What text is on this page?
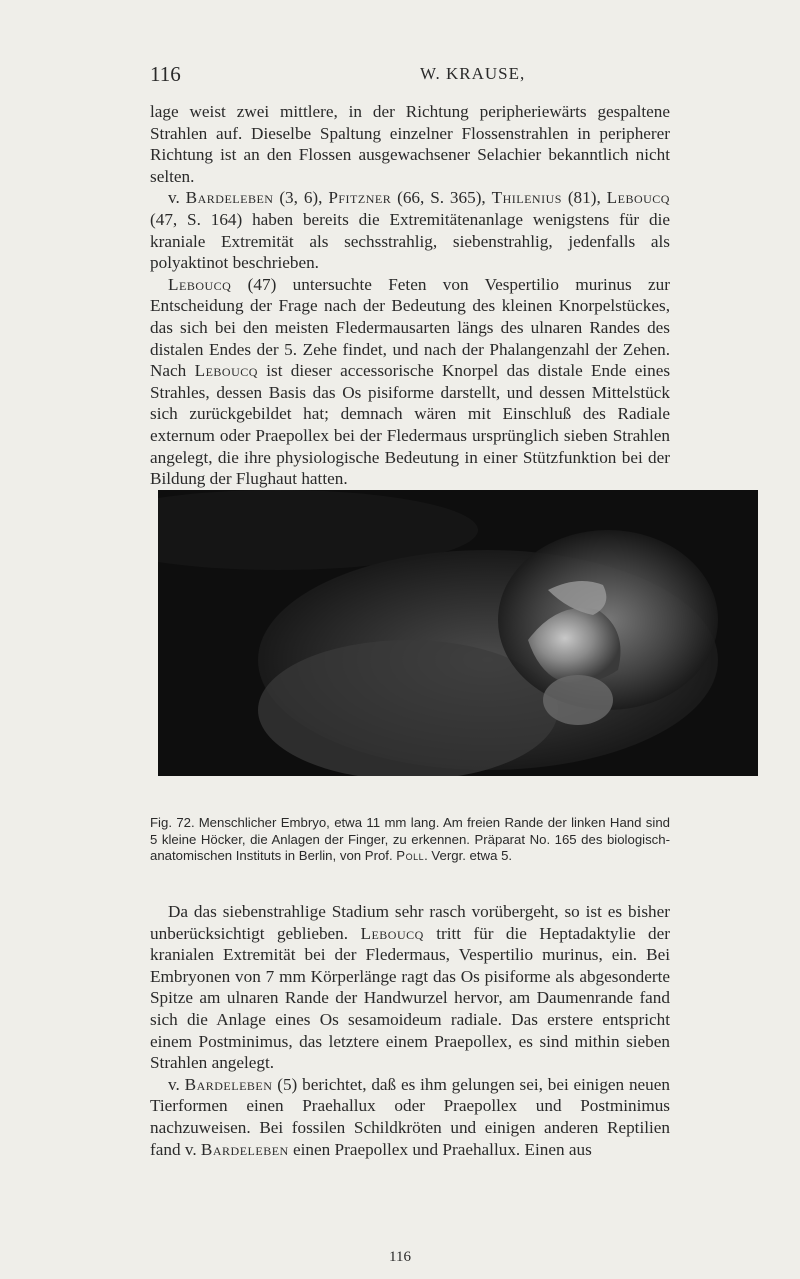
116	W. KRAUSE,

lage weist zwei mittlere, in der Richtung peripheriewärts gespaltene Strahlen auf. Dieselbe Spaltung einzelner Flossenstrahlen in peripherer Richtung ist an den Flossen ausgewachsener Selachier bekanntlich nicht selten.

v. Bardeleben (3, 6), Pfitzner (66, S. 365), Thilenius (81), Leboucq (47, S. 164) haben bereits die Extremitätenanlage wenigstens für die kraniale Extremität als sechsstrahlig, siebenstrahlig, jedenfalls als polyaktinot beschrieben.

Leboucq (47) untersuchte Feten von Vespertilio murinus zur Entscheidung der Frage nach der Bedeutung des kleinen Knorpelstückes, das sich bei den meisten Fledermausarten längs des ulnaren Randes des distalen Endes der 5. Zehe findet, und nach der Phalangenzahl der Zehen. Nach Leboucq ist dieser accessorische Knorpel das distale Ende eines Strahles, dessen Basis das Os pisiforme darstellt, und dessen Mittelstück sich zurückgebildet hat; demnach wären mit Einschluß des Radiale externum oder Praepollex bei der Fledermaus ursprünglich sieben Strahlen angelegt, die ihre physiologische Bedeutung in einer Stützfunktion bei der Bildung der Flughaut hatten.

Fig. 72. Menschlicher Embryo, etwa 11 mm lang. Am freien Rande der linken Hand sind 5 kleine Höcker, die Anlagen der Finger, zu erkennen. Präparat No. 165 des biologisch-anatomischen Instituts in Berlin, von Prof. Poll. Vergr. etwa 5.

Da das siebenstrahlige Stadium sehr rasch vorübergeht, so ist es bisher unberücksichtigt geblieben. Leboucq tritt für die Heptadaktylie der kranialen Extremität bei der Fledermaus, Vespertilio murinus, ein. Bei Embryonen von 7 mm Körperlänge ragt das Os pisiforme als abgesonderte Spitze am ulnaren Rande der Handwurzel hervor, am Daumenrande fand sich die Anlage eines Os sesamoideum radiale. Das erstere entspricht einem Postminimus, das letztere einem Praepollex, es sind mithin sieben Strahlen angelegt.

v. Bardeleben (5) berichtet, daß es ihm gelungen sei, bei einigen neuen Tierformen einen Praehallux oder Praepollex und Postminimus nachzuweisen. Bei fossilen Schildkröten und einigen anderen Reptilien fand v. Bardeleben einen Praepollex und Praehallux. Einen aus

116
